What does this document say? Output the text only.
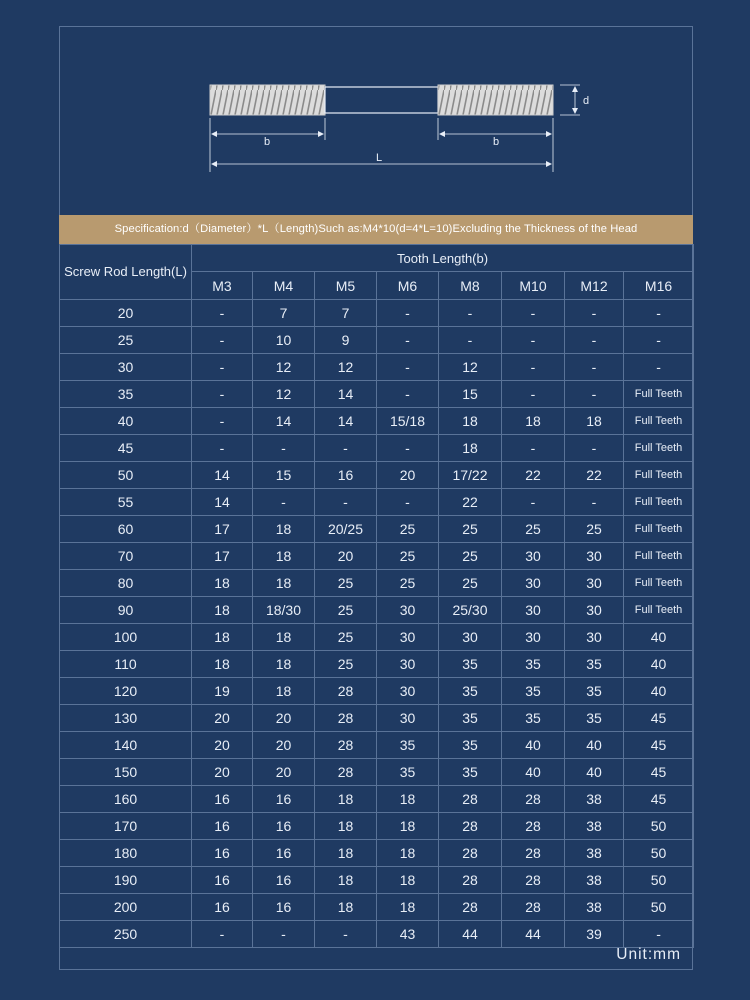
d
b	b
L
Specification:d（Diameter）*L（Length)Such as:M4*10(d=4*L=10)Excluding the Thickness of the Head
Screw Rod Length(L)	Tooth Length(b)							
	M3	M4	M5	M6	M8	M10	M12	M16
20	-	7	7	-	-	-	-	-
25	-	10	9	-	-	-	-	-
30	-	12	12	-	12	-	-	-
35	-	12	14	-	15	-	-	Full Teeth
40	-	14	14	15/18	18	18	18	Full Teeth
45	-	-	-	-	18	-	-	Full Teeth
50	14	15	16	20	17/22	22	22	Full Teeth
55	14	-	-	-	22	-	-	Full Teeth
60	17	18	20/25	25	25	25	25	Full Teeth
70	17	18	20	25	25	30	30	Full Teeth
80	18	18	25	25	25	30	30	Full Teeth
90	18	18/30	25	30	25/30	30	30	Full Teeth
100	18	18	25	30	30	30	30	40
110	18	18	25	30	35	35	35	40
120	19	18	28	30	35	35	35	40
130	20	20	28	30	35	35	35	45
140	20	20	28	35	35	40	40	45
150	20	20	28	35	35	40	40	45
160	16	16	18	18	28	28	38	45
170	16	16	18	18	28	28	38	50
180	16	16	18	18	28	28	38	50
190	16	16	18	18	28	28	38	50
200	16	16	18	18	28	28	38	50
250	-	-	-	43	44	44	39	-
Unit:mm
